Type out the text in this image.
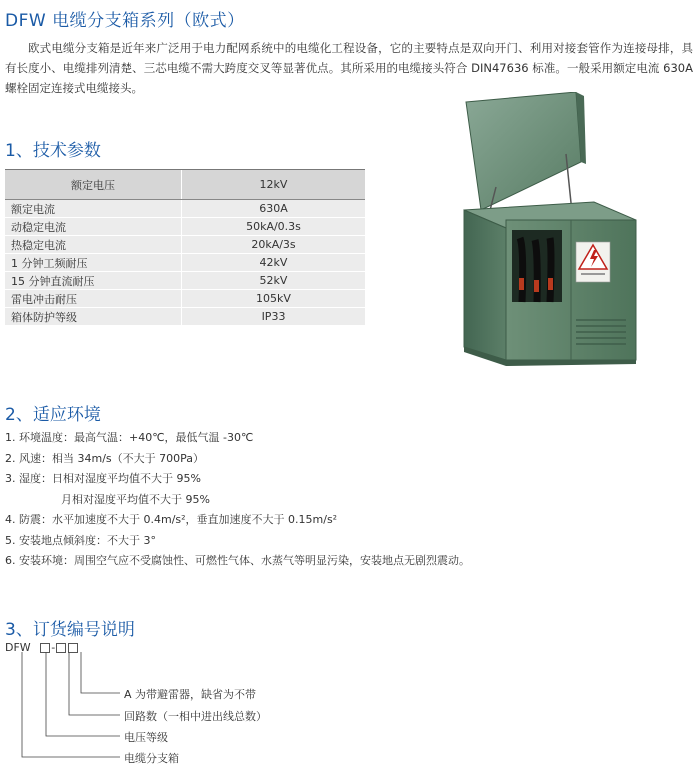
DFW 电缆分支箱系列（欧式）
欧式电缆分支箱是近年来广泛用于电力配网系统中的电缆化工程设备，它的主要特点是双向开门、利用对接套管作为连接母排，具有长度小、电缆排列清楚、三芯电缆不需大跨度交叉等显著优点。其所采用的电缆接头符合 DIN47636 标准。一般采用额定电流 630A 螺栓固定连接式电缆接头。
1、技术参数
额定电压	12kV
额定电流	630A
动稳定电流	50kA/0.3s
热稳定电流	20kA/3s
1 分钟工频耐压	42kV
15 分钟直流耐压	52kV
雷电冲击耐压	105kV
箱体防护等级	IP33
2、适应环境
1. 环境温度：最高气温：+40℃，最低气温 -30℃
2. 风速：相当 34m/s（不大于 700Pa）
3. 湿度：日相对湿度平均值不大于 95%
月相对湿度平均值不大于 95%
4. 防震：水平加速度不大于 0.4m/s²，垂直加速度不大于 0.15m/s²
5. 安装地点倾斜度：不大于 3°
6. 安装环境：周围空气应不受腐蚀性、可燃性气体、水蒸气等明显污染，安装地点无剧烈震动。
3、订货编号说明
DFW -
A 为带避雷器，缺省为不带
回路数（一相中进出线总数）
电压等级
电缆分支箱
